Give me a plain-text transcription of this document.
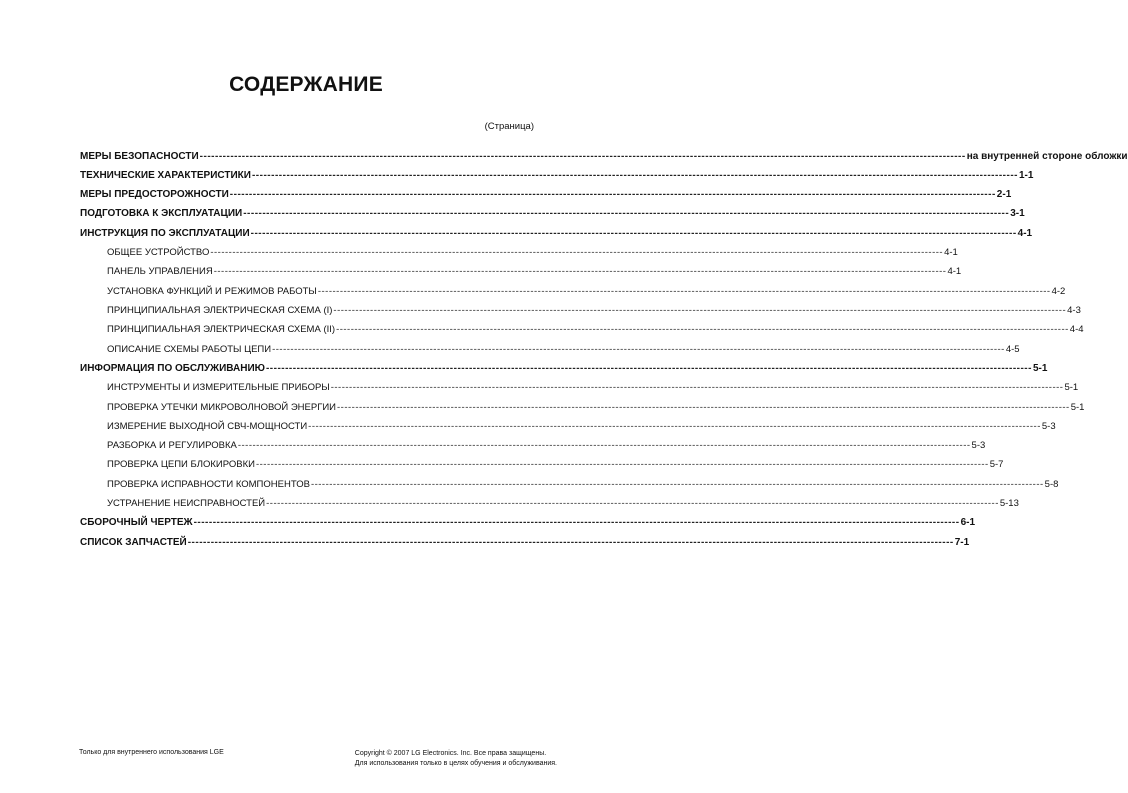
СОДЕРЖАНИЕ
(Страница)
МЕРЫ БЕЗОПАСНОСТИ -------------------------------------------------------------------------------------------------------------------------------------------------------------------------------------------------------- на внутренней стороне обложки
ТЕХНИЧЕСКИЕ ХАРАКТЕРИСТИКИ -------------------------------------------------------------------------------------------------------------------------------------------------------------------------------------------------------- 1-1
МЕРЫ ПРЕДОСТОРОЖНОСТИ -------------------------------------------------------------------------------------------------------------------------------------------------------------------------------------------------------- 2-1
ПОДГОТОВКА К ЭКСПЛУАТАЦИИ -------------------------------------------------------------------------------------------------------------------------------------------------------------------------------------------------------- 3-1
ИНСТРУКЦИЯ ПО ЭКСПЛУАТАЦИИ -------------------------------------------------------------------------------------------------------------------------------------------------------------------------------------------------------- 4-1
ОБЩЕЕ УСТРОЙСТВО -------------------------------------------------------------------------------------------------------------------------------------------------------------------------------------------------------- 4-1
ПАНЕЛЬ УПРАВЛЕНИЯ -------------------------------------------------------------------------------------------------------------------------------------------------------------------------------------------------------- 4-1
УСТАНОВКА ФУНКЦИЙ И РЕЖИМОВ РАБОТЫ -------------------------------------------------------------------------------------------------------------------------------------------------------------------------------------------------------- 4-2
ПРИНЦИПИАЛЬНАЯ ЭЛЕКТРИЧЕСКАЯ СХЕМА (I) -------------------------------------------------------------------------------------------------------------------------------------------------------------------------------------------------------- 4-3
ПРИНЦИПИАЛЬНАЯ ЭЛЕКТРИЧЕСКАЯ СХЕМА (II) -------------------------------------------------------------------------------------------------------------------------------------------------------------------------------------------------------- 4-4
ОПИСАНИЕ СХЕМЫ РАБОТЫ ЦЕПИ -------------------------------------------------------------------------------------------------------------------------------------------------------------------------------------------------------- 4-5
ИНФОРМАЦИЯ ПО ОБСЛУЖИВАНИЮ -------------------------------------------------------------------------------------------------------------------------------------------------------------------------------------------------------- 5-1
ИНСТРУМЕНТЫ И ИЗМЕРИТЕЛЬНЫЕ ПРИБОРЫ -------------------------------------------------------------------------------------------------------------------------------------------------------------------------------------------------------- 5-1
ПРОВЕРКА УТЕЧКИ МИКРОВОЛНОВОЙ ЭНЕРГИИ -------------------------------------------------------------------------------------------------------------------------------------------------------------------------------------------------------- 5-1
ИЗМЕРЕНИЕ ВЫХОДНОЙ СВЧ-МОЩНОСТИ -------------------------------------------------------------------------------------------------------------------------------------------------------------------------------------------------------- 5-3
РАЗБОРКА И РЕГУЛИРОВКА -------------------------------------------------------------------------------------------------------------------------------------------------------------------------------------------------------- 5-3
ПРОВЕРКА ЦЕПИ БЛОКИРОВКИ -------------------------------------------------------------------------------------------------------------------------------------------------------------------------------------------------------- 5-7
ПРОВЕРКА ИСПРАВНОСТИ КОМПОНЕНТОВ -------------------------------------------------------------------------------------------------------------------------------------------------------------------------------------------------------- 5-8
УСТРАНЕНИЕ НЕИСПРАВНОСТЕЙ -------------------------------------------------------------------------------------------------------------------------------------------------------------------------------------------------------- 5-13
СБОРОЧНЫЙ ЧЕРТЕЖ -------------------------------------------------------------------------------------------------------------------------------------------------------------------------------------------------------- 6-1
СПИСОК ЗАПЧАСТЕЙ -------------------------------------------------------------------------------------------------------------------------------------------------------------------------------------------------------- 7-1
Только для внутреннего использования LGE	Copyright © 2007 LG Electronics. Inc. Все права защищены.
Для использования только в целях обучения и обслуживания.
